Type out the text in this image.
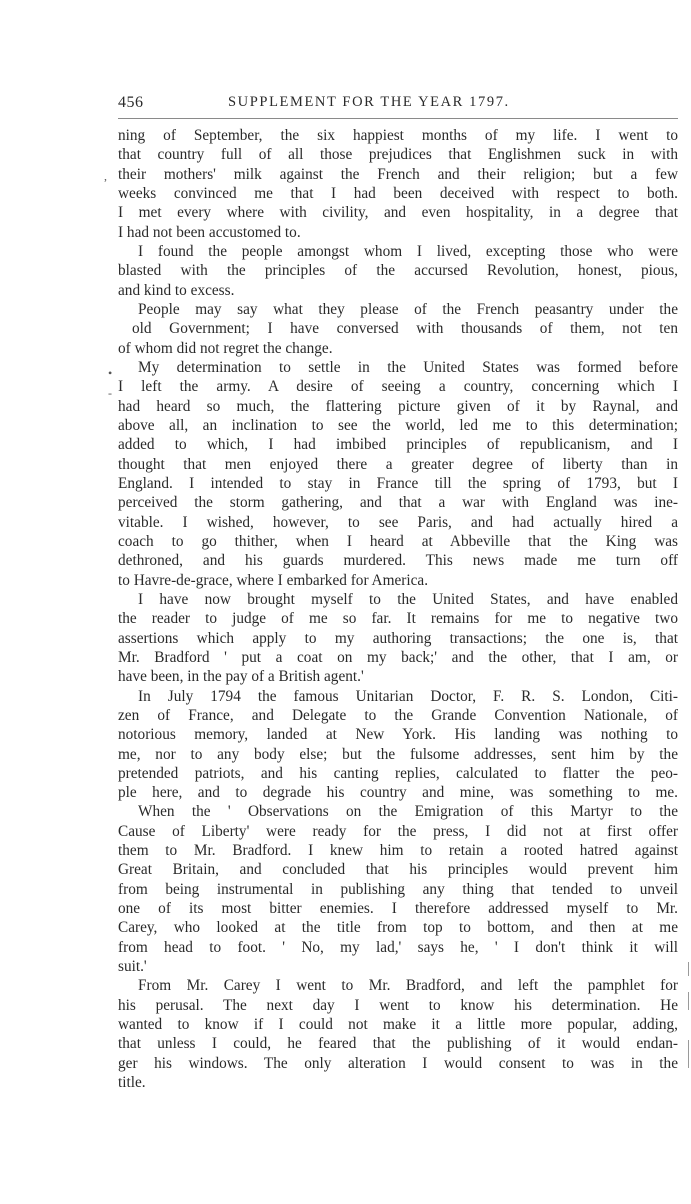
456	SUPPLEMENT FOR THE YEAR 1797.
,
•
-
ning of September, the six happiest months of my life. I went to
that country full of all those prejudices that Englishmen suck in with
their mothers' milk against the French and their religion; but a few
weeks convinced me that I had been deceived with respect to both.
I met every where with civility, and even hospitality, in a degree that
I had not been accustomed to.
I found the people amongst whom I lived, excepting those who were
blasted with the principles of the accursed Revolution, honest, pious,
and kind to excess.
People may say what they please of the French peasantry under the
old Government; I have conversed with thousands of them, not ten
of whom did not regret the change.
My determination to settle in the United States was formed before
I left the army. A desire of seeing a country, concerning which I
had heard so much, the flattering picture given of it by Raynal, and
above all, an inclination to see the world, led me to this determination;
added to which, I had imbibed principles of republicanism, and I
thought that men enjoyed there a greater degree of liberty than in
England. I intended to stay in France till the spring of 1793, but I
perceived the storm gathering, and that a war with England was ine-
vitable. I wished, however, to see Paris, and had actually hired a
coach to go thither, when I heard at Abbeville that the King was
dethroned, and his guards murdered. This news made me turn off
to Havre-de-grace, where I embarked for America.
I have now brought myself to the United States, and have enabled
the reader to judge of me so far. It remains for me to negative two
assertions which apply to my authoring transactions; the one is, that
Mr. Bradford ' put a coat on my back;' and the other, that I am, or
have been, in the pay of a British agent.'
In July 1794 the famous Unitarian Doctor, F. R. S. London, Citi-
zen of France, and Delegate to the Grande Convention Nationale, of
notorious memory, landed at New York. His landing was nothing to
me, nor to any body else; but the fulsome addresses, sent him by the
pretended patriots, and his canting replies, calculated to flatter the peo-
ple here, and to degrade his country and mine, was something to me.
When the ' Observations on the Emigration of this Martyr to the
Cause of Liberty' were ready for the press, I did not at first offer
them to Mr. Bradford. I knew him to retain a rooted hatred against
Great Britain, and concluded that his principles would prevent him
from being instrumental in publishing any thing that tended to unveil
one of its most bitter enemies. I therefore addressed myself to Mr.
Carey, who looked at the title from top to bottom, and then at me
from head to foot. ' No, my lad,' says he, ' I don't think it will
suit.'
From Mr. Carey I went to Mr. Bradford, and left the pamphlet for
his perusal. The next day I went to know his determination. He
wanted to know if I could not make it a little more popular, adding,
that unless I could, he feared that the publishing of it would endan-
ger his windows. The only alteration I would consent to was in the
title.
